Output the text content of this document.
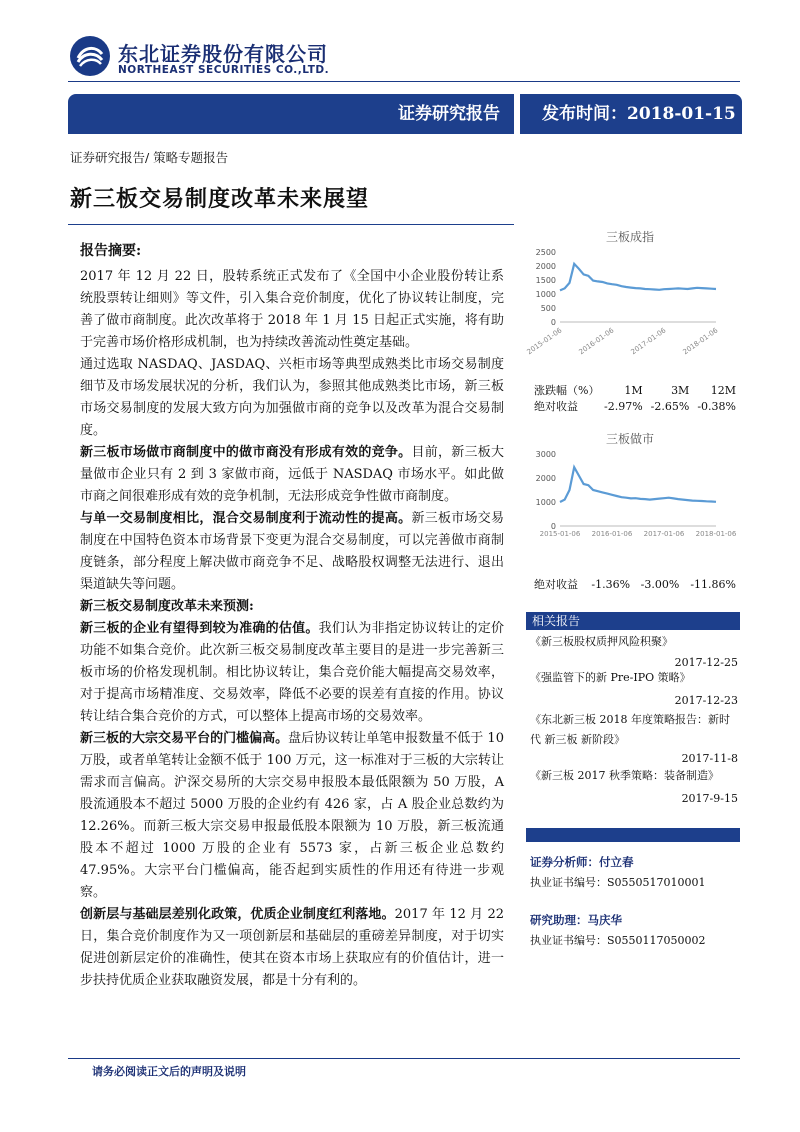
东北证券股份有限公司
NORTHEAST SECURITIES CO.,LTD.
证券研究报告 发布时间：2018-01-15
证券研究报告/ 策略专题报告
新三板交易制度改革未来展望
报告摘要:

2017 年 12 月 22 日，股转系统正式发布了《全国中小企业股份转让系统股票转让细则》等文件，引入集合竞价制度，优化了协议转让制度，完善了做市商制度。此次改革将于 2018 年 1 月 15 日起正式实施，将有助于完善市场价格形成机制，也为持续改善流动性奠定基础。

通过选取 NASDAQ、JASDAQ、兴柜市场等典型成熟类比市场交易制度细节及市场发展状况的分析，我们认为，参照其他成熟类比市场，新三板市场交易制度的发展大致方向为加强做市商的竞争以及改革为混合交易制度。

新三板市场做市商制度中的做市商没有形成有效的竞争。目前，新三板大量做市企业只有 2 到 3 家做市商，远低于 NASDAQ 市场水平。如此做市商之间很难形成有效的竞争机制，无法形成竞争性做市商制度。

与单一交易制度相比，混合交易制度利于流动性的提高。新三板市场交易制度在中国特色资本市场背景下变更为混合交易制度，可以完善做市商制度链条，部分程度上解决做市商竞争不足、战略股权调整无法进行、退出渠道缺失等问题。

新三板交易制度改革未来预测:

新三板的企业有望得到较为准确的估值。我们认为非指定协议转让的定价功能不如集合竞价。此次新三板交易制度改革主要目的是进一步完善新三板市场的价格发现机制。相比协议转让，集合竞价能大幅提高交易效率，对于提高市场精准度、交易效率，降低不必要的误差有直接的作用。协议转让结合集合竞价的方式，可以整体上提高市场的交易效率。

新三板的大宗交易平台的门槛偏高。盘后协议转让单笔申报数量不低于 10 万股，或者单笔转让金额不低于 100 万元，这一标准对于三板的大宗转让需求而言偏高。沪深交易所的大宗交易申报股本最低限额为 50 万股，A 股流通股本不超过 5000 万股的企业约有 426 家，占 A 股企业总数约为 12.26%。而新三板大宗交易申报最低股本限额为 10 万股，新三板流通股本不超过 1000 万股的企业有 5573 家，占新三板企业总数约 47.95%。大宗平台门槛偏高，能否起到实质性的作用还有待进一步观察。

创新层与基础层差别化政策，优质企业制度红利落地。2017 年 12 月 22 日，集合竞价制度作为又一项创新层和基础层的重磅差异制度，对于切实促进创新层定价的准确性，使其在资本市场上获取应有的价值估计，进一步扶持优质企业获取融资发展，都是十分有利的。

三板成指
0
500
1000
1500
2000
2500
2015-01-06 2016-01-06 2017-01-06 2018-01-06
涨跌幅（%）	1M	3M	12M
绝对收益	-2.97%	-2.65%	-0.38%
三板做市
0
1000
2000
3000
2015-01-06 2016-01-06 2017-01-06 2018-01-06
绝对收益	-1.36%	-3.00%	-11.86%
相关报告
《新三板股权质押风险积聚》
2017-12-25
《强监管下的新 Pre-IPO 策略》
2017-12-23
《东北新三板 2018 年度策略报告：新时代 新三板 新阶段》
2017-11-8
《新三板 2017 秋季策略：装备制造》
2017-9-15
证券分析师：付立春
执业证书编号：S0550517010001
研究助理：马庆华
执业证书编号：S0550117050002
请务必阅读正文后的声明及说明
